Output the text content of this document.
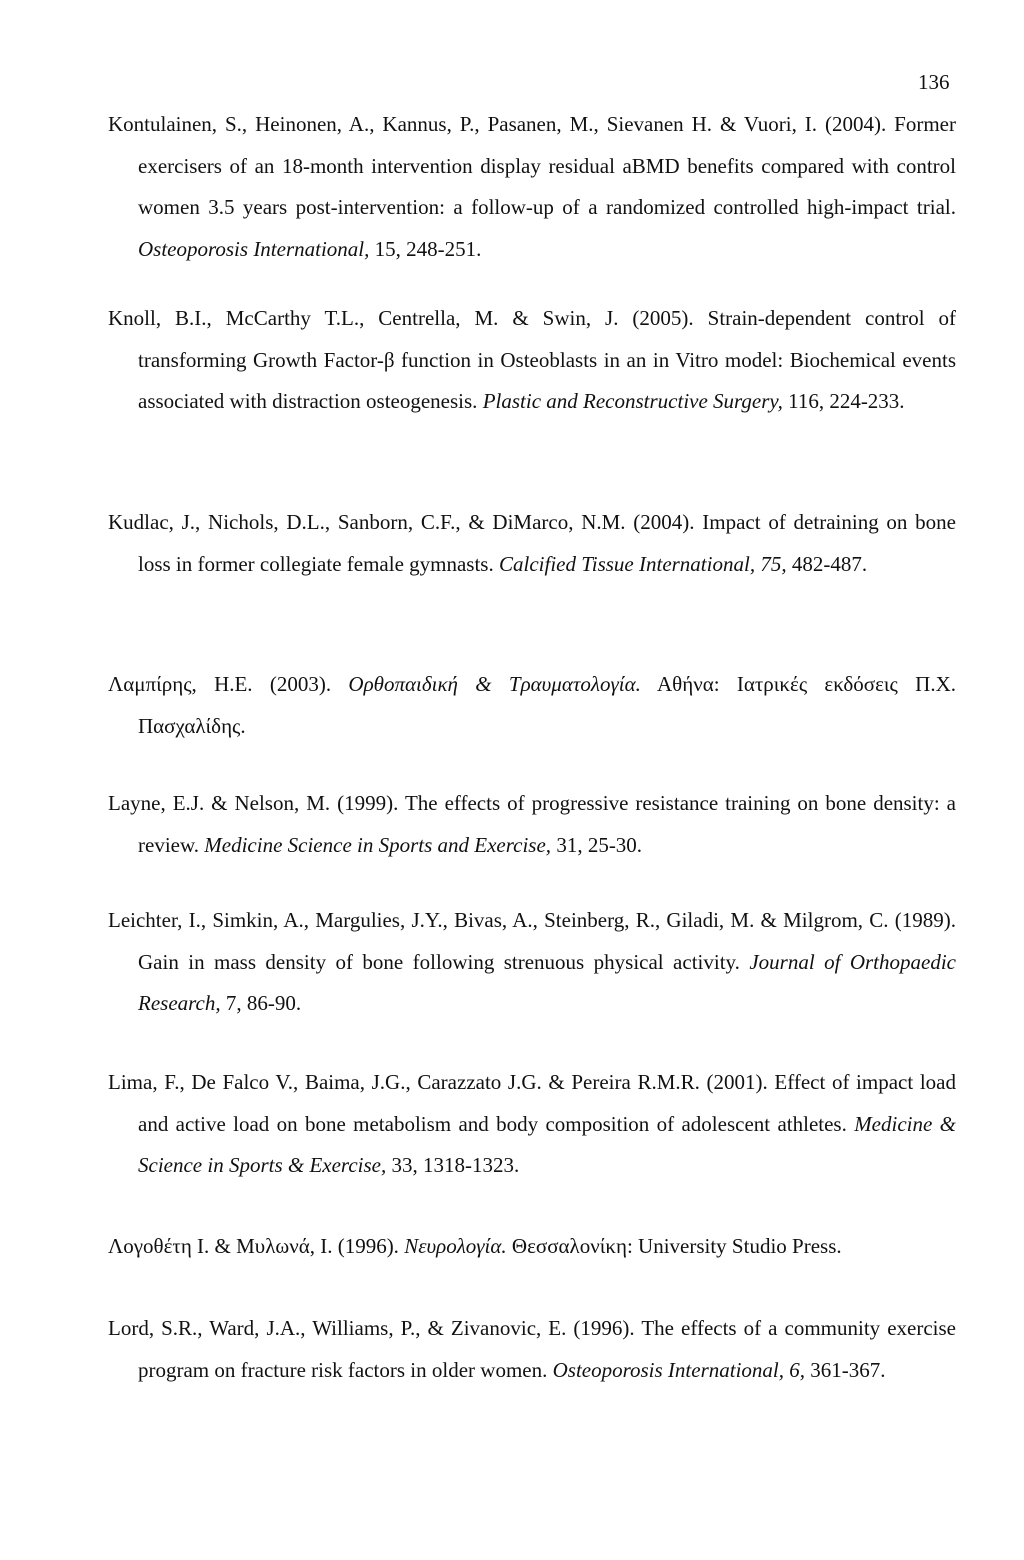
136
Kontulainen, S., Heinonen, A., Kannus, P., Pasanen, M., Sievanen H. & Vuori, I. (2004). Former exercisers of an 18-month intervention display residual aBMD benefits compared with control women 3.5 years post-intervention: a follow-up of a randomized controlled high-impact trial. Osteoporosis International, 15, 248-251.
Knoll, B.I., McCarthy T.L., Centrella, M. & Swin, J. (2005). Strain-dependent control of transforming Growth Factor-β function in Osteoblasts in an in Vitro model: Biochemical events associated with distraction osteogenesis. Plastic and Reconstructive Surgery, 116, 224-233.
Kudlac, J., Nichols, D.L., Sanborn, C.F., & DiMarco, N.M. (2004). Impact of detraining on bone loss in former collegiate female gymnasts. Calcified Tissue International, 75, 482-487.
Λαμπίρης, Η.Ε. (2003). Ορθοπαιδική & Τραυματολογία. Αθήνα: Ιατρικές εκδόσεις Π.Χ. Πασχαλίδης.
Layne, E.J. & Nelson, M. (1999). The effects of progressive resistance training on bone density: a review. Medicine Science in Sports and Exercise, 31, 25-30.
Leichter, I., Simkin, A., Margulies, J.Y., Bivas, A., Steinberg, R., Giladi, M. & Milgrom, C. (1989). Gain in mass density of bone following strenuous physical activity. Journal of Orthopaedic Research, 7, 86-90.
Lima, F., De Falco V., Baima, J.G., Carazzato J.G. & Pereira R.M.R. (2001). Effect of impact load and active load on bone metabolism and body composition of adolescent athletes. Medicine & Science in Sports & Exercise, 33, 1318-1323.
Λογοθέτη Ι. & Μυλωνά, Ι. (1996). Νευρολογία. Θεσσαλονίκη: University Studio Press.
Lord, S.R., Ward, J.A., Williams, P., & Zivanovic, E. (1996). The effects of a community exercise program on fracture risk factors in older women. Osteoporosis International, 6, 361-367.
